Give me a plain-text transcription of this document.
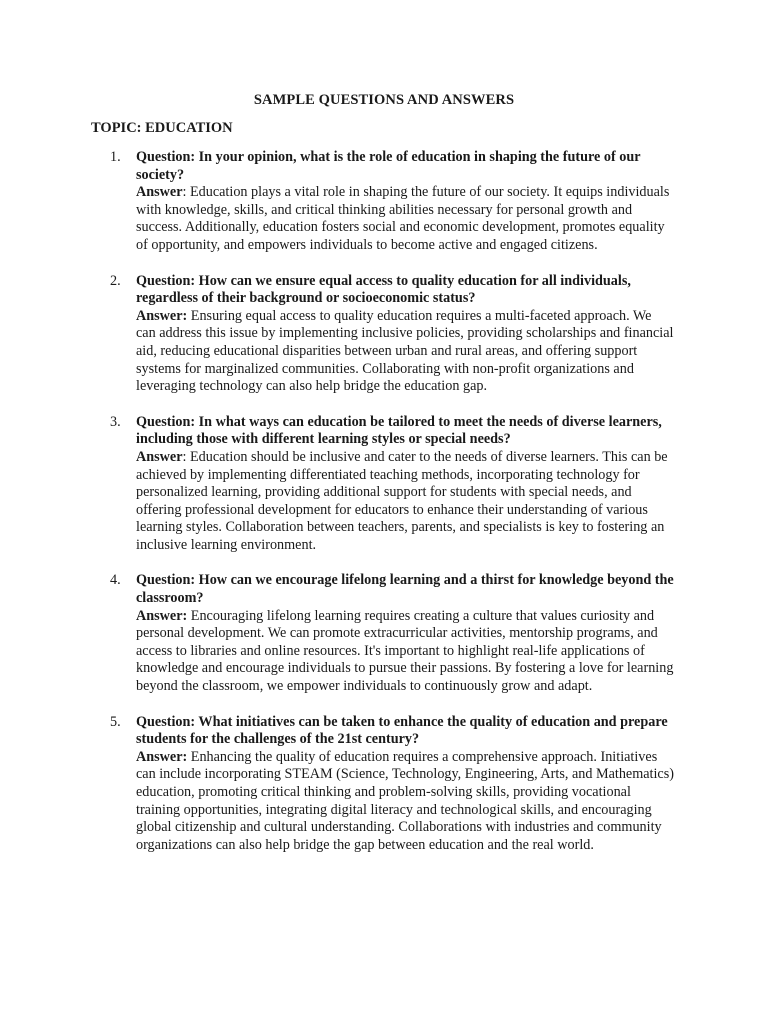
SAMPLE QUESTIONS AND ANSWERS
TOPIC: EDUCATION
1.	Question: In your opinion, what is the role of education in shaping the future of our society?
Answer: Education plays a vital role in shaping the future of our society. It equips individuals with knowledge, skills, and critical thinking abilities necessary for personal growth and success. Additionally, education fosters social and economic development, promotes equality of opportunity, and empowers individuals to become active and engaged citizens.
2.	Question: How can we ensure equal access to quality education for all individuals, regardless of their background or socioeconomic status?
Answer: Ensuring equal access to quality education requires a multi-faceted approach. We can address this issue by implementing inclusive policies, providing scholarships and financial aid, reducing educational disparities between urban and rural areas, and offering support systems for marginalized communities. Collaborating with non-profit organizations and leveraging technology can also help bridge the education gap.
3.	Question: In what ways can education be tailored to meet the needs of diverse learners, including those with different learning styles or special needs?
Answer: Education should be inclusive and cater to the needs of diverse learners. This can be achieved by implementing differentiated teaching methods, incorporating technology for personalized learning, providing additional support for students with special needs, and offering professional development for educators to enhance their understanding of various learning styles. Collaboration between teachers, parents, and specialists is key to fostering an inclusive learning environment.
4.	Question: How can we encourage lifelong learning and a thirst for knowledge beyond the classroom?
Answer: Encouraging lifelong learning requires creating a culture that values curiosity and personal development. We can promote extracurricular activities, mentorship programs, and access to libraries and online resources. It's important to highlight real-life applications of knowledge and encourage individuals to pursue their passions. By fostering a love for learning beyond the classroom, we empower individuals to continuously grow and adapt.
5.	Question: What initiatives can be taken to enhance the quality of education and prepare students for the challenges of the 21st century?
Answer: Enhancing the quality of education requires a comprehensive approach. Initiatives can include incorporating STEAM (Science, Technology, Engineering, Arts, and Mathematics) education, promoting critical thinking and problem-solving skills, providing vocational training opportunities, integrating digital literacy and technological skills, and encouraging global citizenship and cultural understanding. Collaborations with industries and community organizations can also help bridge the gap between education and the real world.
